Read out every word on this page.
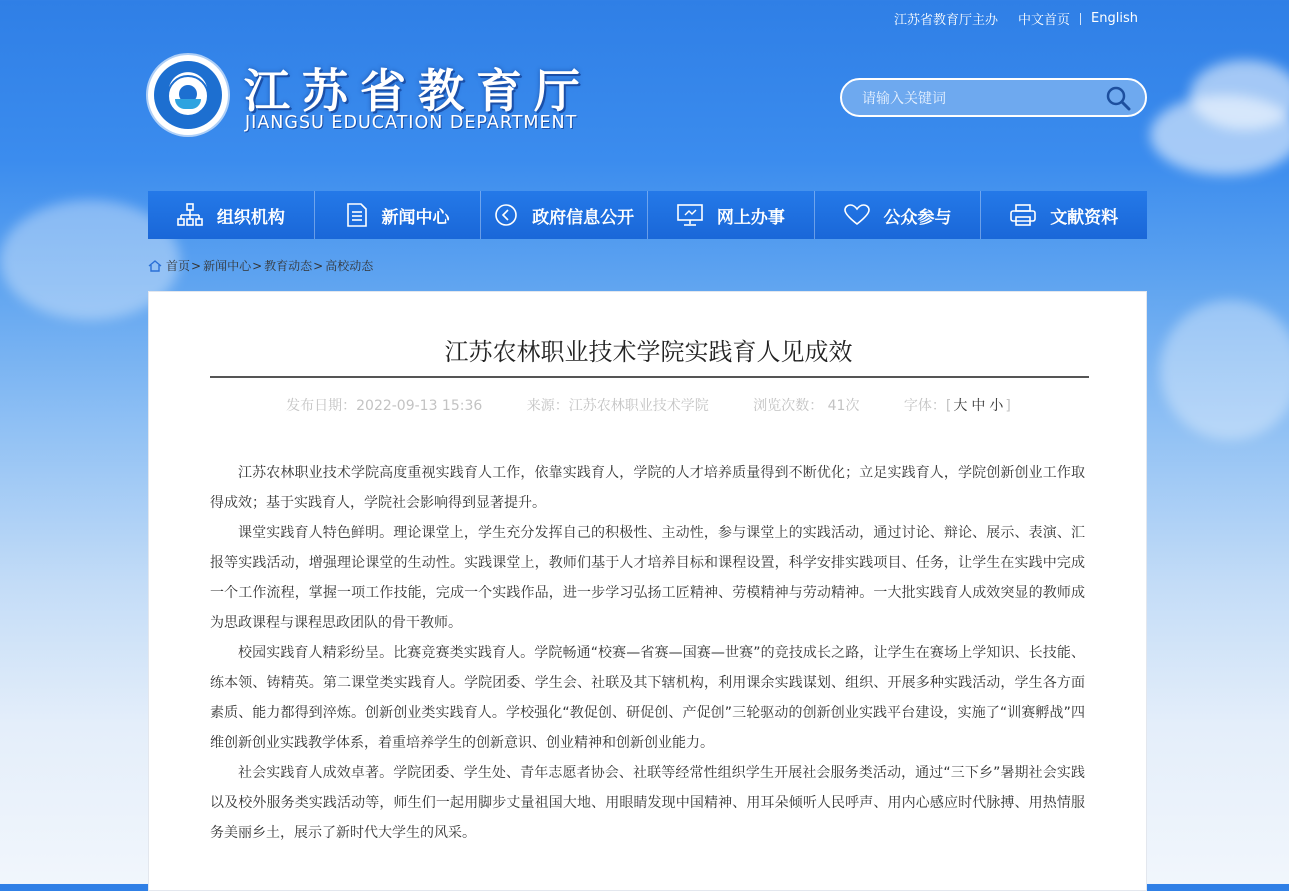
江苏省教育厅主办 中文首页 English
江苏省教育厅
JIANGSU EDUCATION DEPARTMENT
请输入关键词
组织机构	新闻中心	政府信息公开	网上办事	公众参与	文献资料
首页 > 新闻中心 > 教育动态 > 高校动态
江苏农林职业技术学院实践育人见成效
发布日期：2022-09-13 15:36	来源：江苏农林职业技术学院	浏览次数： 41次	字体：[ 大 中 小 ]

江苏农林职业技术学院高度重视实践育人工作，依靠实践育人，学院的人才培养质量得到不断优化；立足实践育人，学院创新创业工作取得成效；基于实践育人，学院社会影响得到显著提升。

课堂实践育人特色鲜明。理论课堂上，学生充分发挥自己的积极性、主动性，参与课堂上的实践活动，通过讨论、辩论、展示、表演、汇报等实践活动，增强理论课堂的生动性。实践课堂上，教师们基于人才培养目标和课程设置，科学安排实践项目、任务，让学生在实践中完成一个工作流程，掌握一项工作技能，完成一个实践作品，进一步学习弘扬工匠精神、劳模精神与劳动精神。一大批实践育人成效突显的教师成为思政课程与课程思政团队的骨干教师。

校园实践育人精彩纷呈。比赛竞赛类实践育人。学院畅通“校赛—省赛—国赛—世赛”的竞技成长之路，让学生在赛场上学知识、长技能、练本领、铸精英。第二课堂类实践育人。学院团委、学生会、社联及其下辖机构，利用课余实践谋划、组织、开展多种实践活动，学生各方面素质、能力都得到淬炼。创新创业类实践育人。学校强化“教促创、研促创、产促创”三轮驱动的创新创业实践平台建设，实施了“训赛孵战”四维创新创业实践教学体系，着重培养学生的创新意识、创业精神和创新创业能力。

社会实践育人成效卓著。学院团委、学生处、青年志愿者协会、社联等经常性组织学生开展社会服务类活动，通过“三下乡”暑期社会实践以及校外服务类实践活动等，师生们一起用脚步丈量祖国大地、用眼睛发现中国精神、用耳朵倾听人民呼声、用内心感应时代脉搏、用热情服务美丽乡土，展示了新时代大学生的风采。
